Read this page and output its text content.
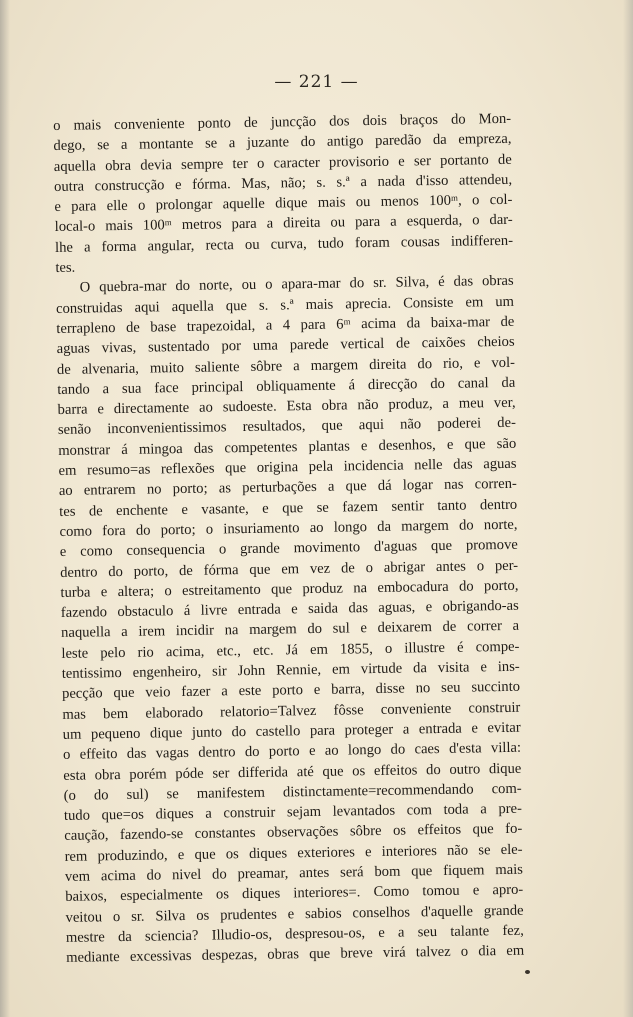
— 221 —
o mais conveniente ponto de juncção dos dois braços do Mon-
dego, se a montante se a juzante do antigo paredão da empreza,
aquella obra devia sempre ter o caracter provisorio e ser portanto de
outra construcção e fórma. Mas, não; s. s.ª a nada d'isso attendeu,
e para elle o prolongar aquelle dique mais ou menos 100ᵐ, o col-
local-o mais 100ᵐ metros para a direita ou para a esquerda, o dar-
lhe a forma angular, recta ou curva, tudo foram cousas indifferen-
tes.
O quebra-mar do norte, ou o apara-mar do sr. Silva, é das obras
construidas aqui aquella que s. s.ª mais aprecia. Consiste em um
terrapleno de base trapezoidal, a 4 para 6ᵐ acima da baixa-mar de
aguas vivas, sustentado por uma parede vertical de caixões cheios
de alvenaria, muito saliente sôbre a margem direita do rio, e vol-
tando a sua face principal obliquamente á direcção do canal da
barra e directamente ao sudoeste. Esta obra não produz, a meu ver,
senão inconvenientissimos resultados, que aqui não poderei de-
monstrar á mingoa das competentes plantas e desenhos, e que são
em resumo=as reflexões que origina pela incidencia nelle das aguas
ao entrarem no porto; as perturbações a que dá logar nas corren-
tes de enchente e vasante, e que se fazem sentir tanto dentro
como fora do porto; o insuriamento ao longo da margem do norte,
e como consequencia o grande movimento d'aguas que promove
dentro do porto, de fórma que em vez de o abrigar antes o per-
turba e altera; o estreitamento que produz na embocadura do porto,
fazendo obstaculo á livre entrada e saida das aguas, e obrigando-as
naquella a irem incidir na margem do sul e deixarem de correr a
leste pelo rio acima, etc., etc. Já em 1855, o illustre é compe-
tentissimo engenheiro, sir John Rennie, em virtude da visita e ins-
pecção que veio fazer a este porto e barra, disse no seu succinto
mas bem elaborado relatorio=Talvez fôsse conveniente construir
um pequeno dique junto do castello para proteger a entrada e evitar
o effeito das vagas dentro do porto e ao longo do caes d'esta villa:
esta obra porém póde ser differida até que os effeitos do outro dique
(o do sul) se manifestem distinctamente=recommendando com-
tudo que=os diques a construir sejam levantados com toda a pre-
caução, fazendo-se constantes observações sôbre os effeitos que fo-
rem produzindo, e que os diques exteriores e interiores não se ele-
vem acima do nivel do preamar, antes será bom que fiquem mais
baixos, especialmente os diques interiores=. Como tomou e apro-
veitou o sr. Silva os prudentes e sabios conselhos d'aquelle grande
mestre da sciencia? Illudio-os, despresou-os, e a seu talante fez,
mediante excessivas despezas, obras que breve virá talvez o dia em
